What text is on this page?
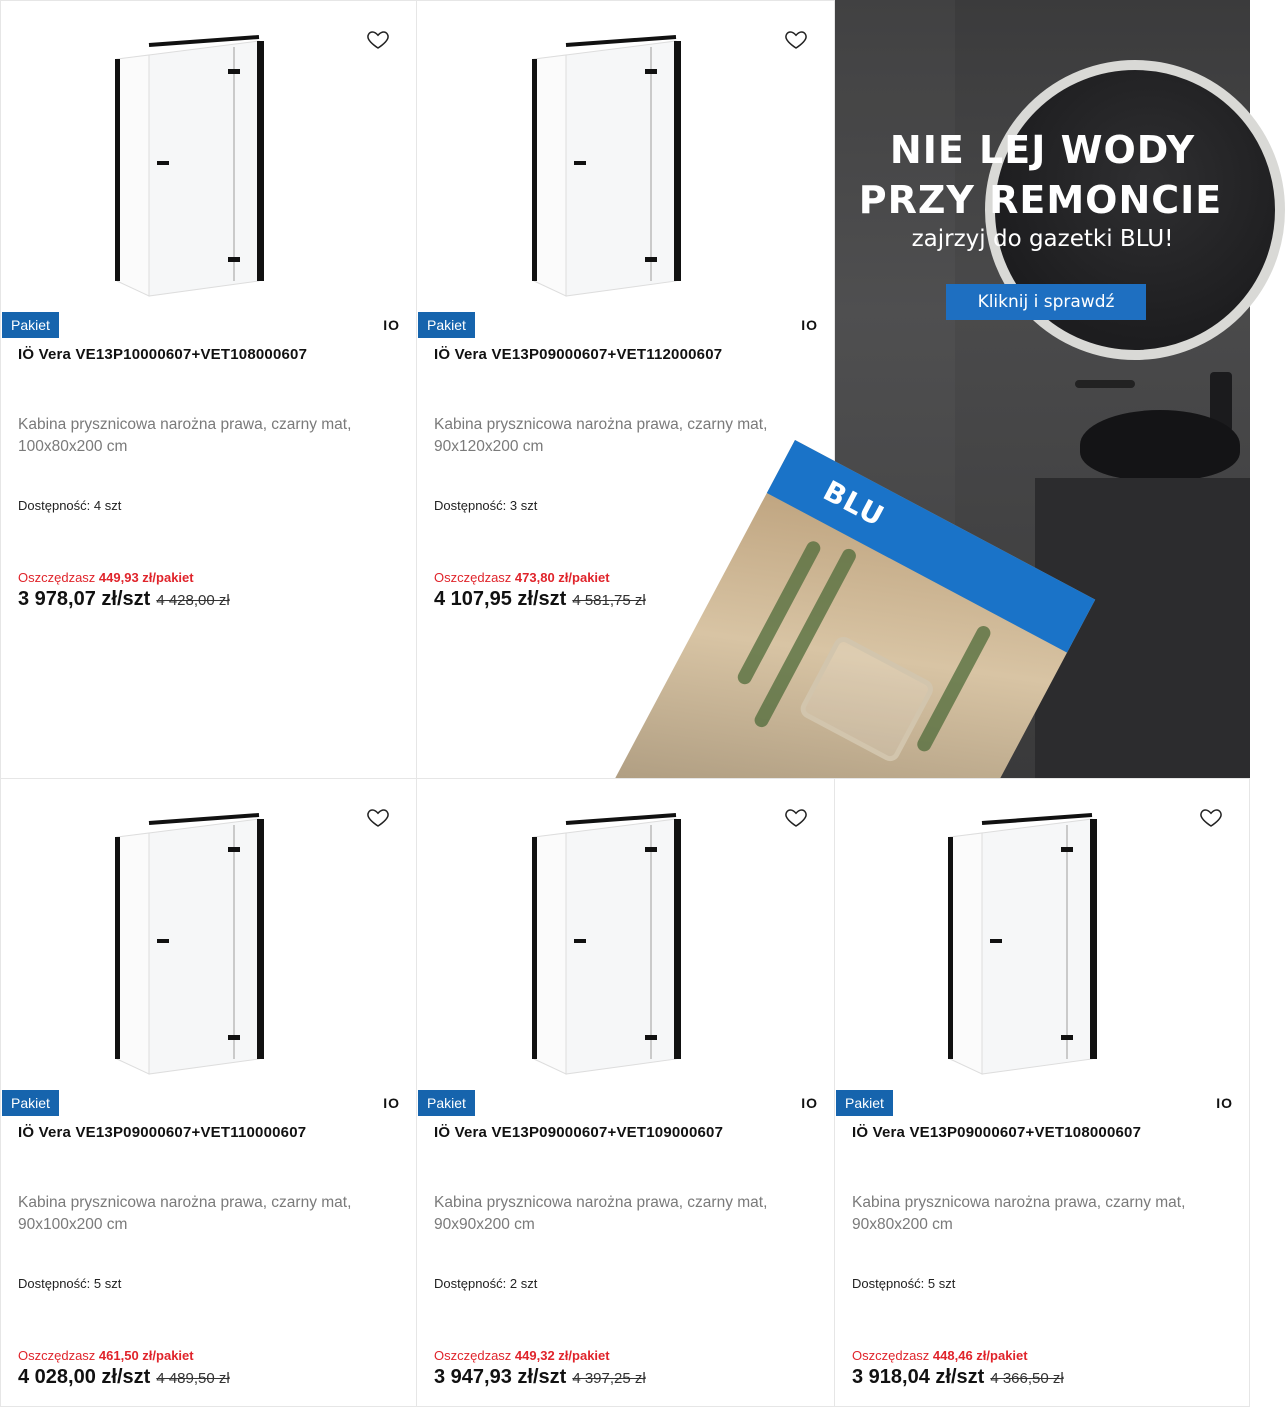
Pakiet	IO
IÖ Vera VE13P10000607+VET108000607
Kabina prysznicowa narożna prawa, czarny mat, 100x80x200 cm
Dostępność: 4 szt
Oszczędzasz 449,93 zł/pakiet
3 978,07 zł/szt 4 428,00 zł
Pakiet	IO
IÖ Vera VE13P09000607+VET112000607
Kabina prysznicowa narożna prawa, czarny mat, 90x120x200 cm
Dostępność: 3 szt
Oszczędzasz 473,80 zł/pakiet
4 107,95 zł/szt 4 581,75 zł
BLU
NIE LEJ WODY
PRZY REMONCIE
zajrzyj do gazetki BLU!
Kliknij i sprawdź
Pakiet	IO
IÖ Vera VE13P09000607+VET110000607
Kabina prysznicowa narożna prawa, czarny mat, 90x100x200 cm
Dostępność: 5 szt
Oszczędzasz 461,50 zł/pakiet
4 028,00 zł/szt 4 489,50 zł
Pakiet	IO
IÖ Vera VE13P09000607+VET109000607
Kabina prysznicowa narożna prawa, czarny mat, 90x90x200 cm
Dostępność: 2 szt
Oszczędzasz 449,32 zł/pakiet
3 947,93 zł/szt 4 397,25 zł
Pakiet	IO
IÖ Vera VE13P09000607+VET108000607
Kabina prysznicowa narożna prawa, czarny mat, 90x80x200 cm
Dostępność: 5 szt
Oszczędzasz 448,46 zł/pakiet
3 918,04 zł/szt 4 366,50 zł
